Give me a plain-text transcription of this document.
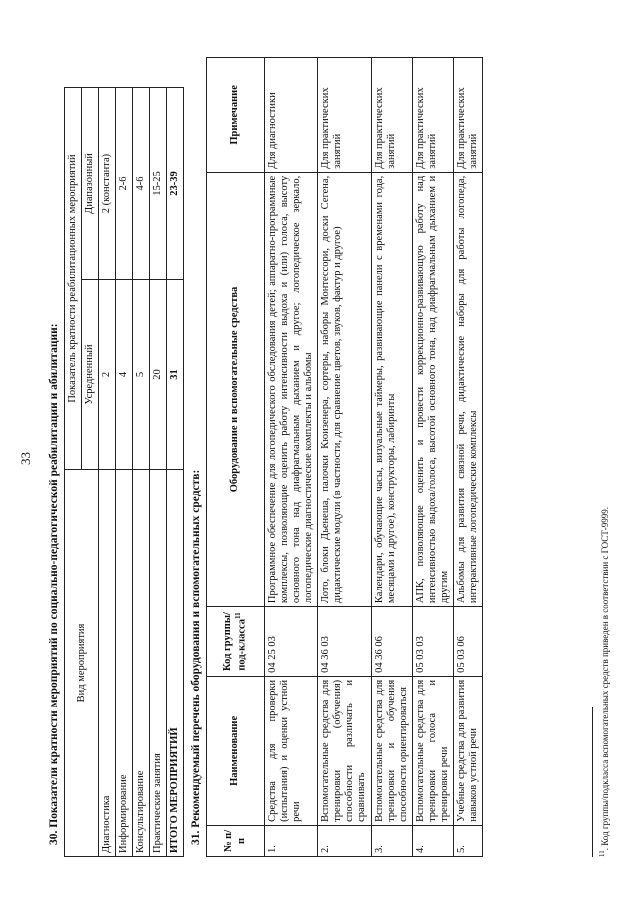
33 30. Показатели кратности мероприятий по социально-педагогической реабилитации и абилитации: Вид мероприятия	Показатель кратности реабилитационных мероприятий	
	Усредненный	Диапазонный
Диагностика	2	2 (константа)
Информирование	4	2-6
Консультирование	5	4-6
Практические занятия	20	15-25
ИТОГО МЕРОПРИЯТИЙ	31	23-39
31. Рекомендуемый перечень оборудования и вспомогательных средств: № п/п	Наименование	Код группы/под-класса$^{11}$	Оборудование и вспомогательные средства	Примечание
1.	Средства для проверки (испытания) и оценки устной речи	04 25 03	Программное обеспечение для логопедического обследования детей; аппаратно-программные комплексы, позволяющие оценить работу интенсивности выдоха и (или) голоса, высоту основного тона над диафрагмальным дыханием и другое; логопедическое зеркало, логопедические диагностические комплекты и альбомы	Для диагностики
2.	Вспомогательные средства для тренировки (обучения) способности различать и сравнивать	04 36 03	Лото, блоки Дьенеша, палочки Кюизенера, сортеры, наборы Монтессори, доски Сегена, дидактические модули (в частности, для сравнение цветов, звуков, фактур и другое)	Для практических занятий
3.	Вспомогательные средства для тренировки и обучения способности ориентироваться	04 36 06	Календари, обучающие часы, визуальные таймеры, развивающие панели с временами года, месяцами и другое), конструкторы, лабиринты	Для практических занятий
4.	Вспомогательные средства для тренировки голоса и тренировки речи	05 03 03	АПК, позволяющие оценить и провести коррекционно-развивающую работу над интенсивностью выдоха/голоса, высотой основного тона, над диафрагмальным дыханием и другим	Для практических занятий
5.	Учебные средства для развития навыков устной речи	05 03 06	Альбомы для развития связной речи, дидактические наборы для работы логопеда, интерактивные логопедические комплексы	Для практических занятий
$^{11}$. Код группы/подкласса вспомогательных средств приведен в соответствии с ГОСТ-9999.
